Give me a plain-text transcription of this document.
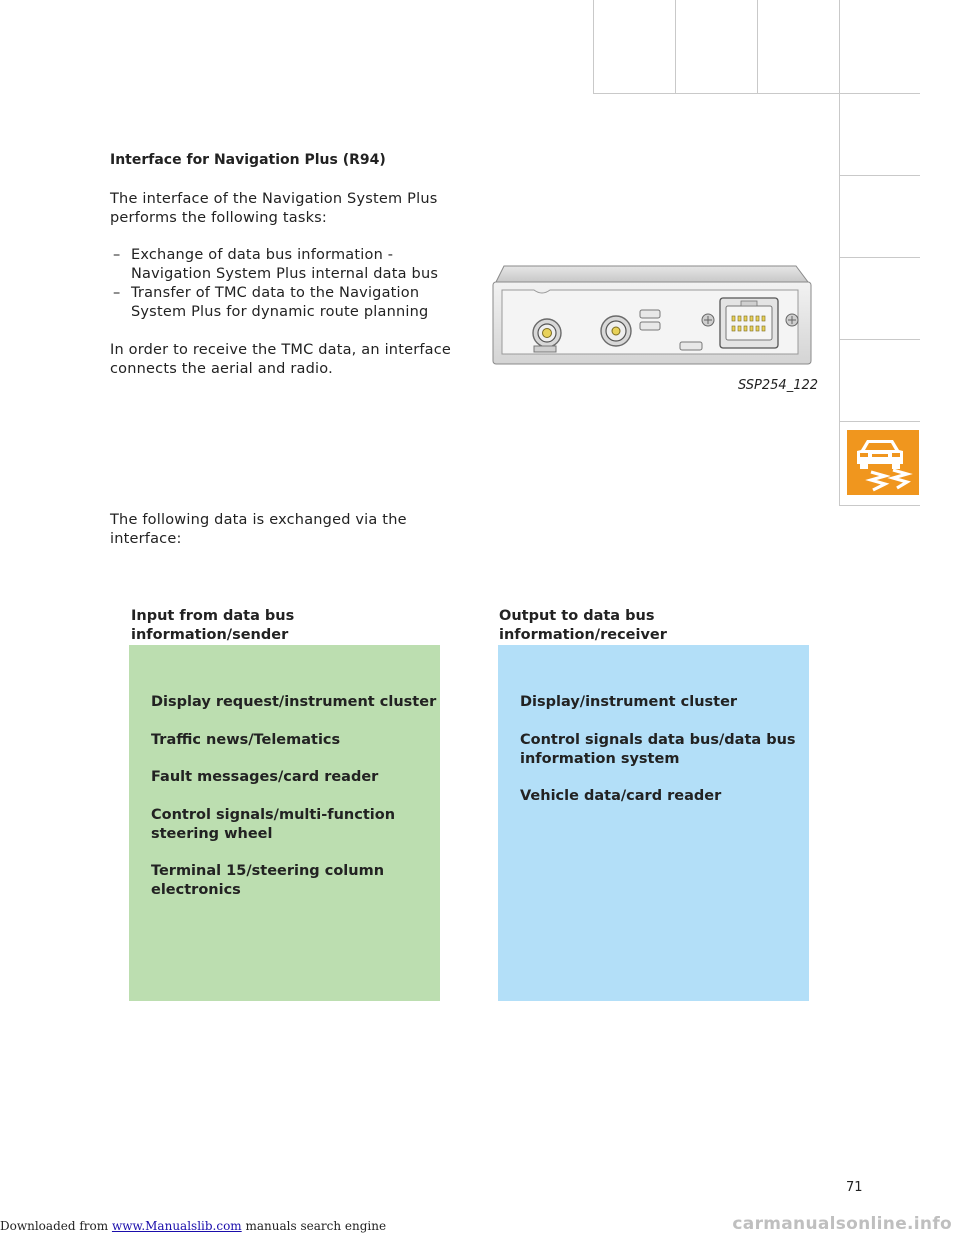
Interface for Navigation Plus (R94)
The interface of the Navigation System Plus
performs the following tasks:
– Exchange of data bus information -
Navigation System Plus internal data bus
– Transfer of TMC data to the Navigation
System Plus for dynamic route planning
In order to receive the TMC data, an interface
connects the aerial and radio.
SSP254_122
The following data is exchanged via the
interface:
Input from data bus
information/sender
Output to data bus
information/receiver
Display request/instrument cluster
Traffic news/Telematics
Fault messages/card reader
Control signals/multi-function
steering wheel
Terminal 15/steering column
electronics
Display/instrument cluster
Control signals data bus/data bus
information system
Vehicle data/card reader
71
Downloaded from www.Manualslib.com manuals search engine	carmanualsonline.info
